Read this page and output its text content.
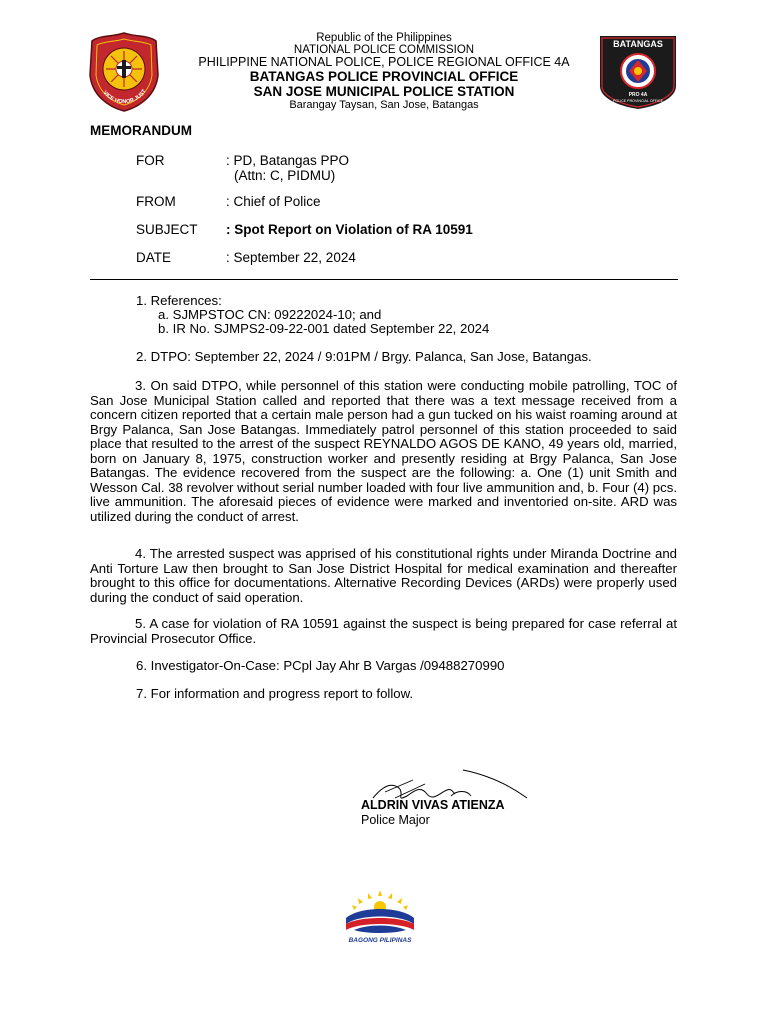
VICE HONOR JUST
Republic of the Philippines
NATIONAL POLICE COMMISSION
PHILIPPINE NATIONAL POLICE, POLICE REGIONAL OFFICE 4A
BATANGAS POLICE PROVINCIAL OFFICE
SAN JOSE MUNICIPAL POLICE STATION
Barangay Taysan, San Jose, Batangas
BATANGAS
PRO 4A
POLICE PROVINCIAL OFFICE
MEMORANDUM
FOR	: PD, Batangas PPO
(Attn: C, PIDMU)
FROM	: Chief of Police
SUBJECT : Spot Report on Violation of RA 10591
DATE	: September 22, 2024
1. References:
a. SJMPSTOC CN: 09222024-10; and
b. IR No. SJMPS2-09-22-001 dated September 22, 2024
2. DTPO: September 22, 2024 / 9:01PM / Brgy. Palanca, San Jose, Batangas.
3. On said DTPO, while personnel of this station were conducting mobile patrolling, TOC of San Jose Municipal Station called and reported that there was a text message received from a concern citizen reported that a certain male person had a gun tucked on his waist roaming around at Brgy Palanca, San Jose Batangas. Immediately patrol personnel of this station proceeded to said place that resulted to the arrest of the suspect REYNALDO AGOS DE KANO, 49 years old, married, born on January 8, 1975, construction worker and presently residing at Brgy Palanca, San Jose Batangas. The evidence recovered from the suspect are the following: a. One (1) unit Smith and Wesson Cal. 38 revolver without serial number loaded with four live ammunition and, b. Four (4) pcs. live ammunition. The aforesaid pieces of evidence were marked and inventoried on-site. ARD was utilized during the conduct of arrest.
4. The arrested suspect was apprised of his constitutional rights under Miranda Doctrine and Anti Torture Law then brought to San Jose District Hospital for medical examination and thereafter brought to this office for documentations. Alternative Recording Devices (ARDs) were properly used during the conduct of said operation.
5. A case for violation of RA 10591 against the suspect is being prepared for case referral at Provincial Prosecutor Office.
6. Investigator-On-Case: PCpl Jay Ahr B Vargas /09488270990
7. For information and progress report to follow.
ALDRIN VIVAS ATIENZA
Police Major
BAGONG PILIPINAS
